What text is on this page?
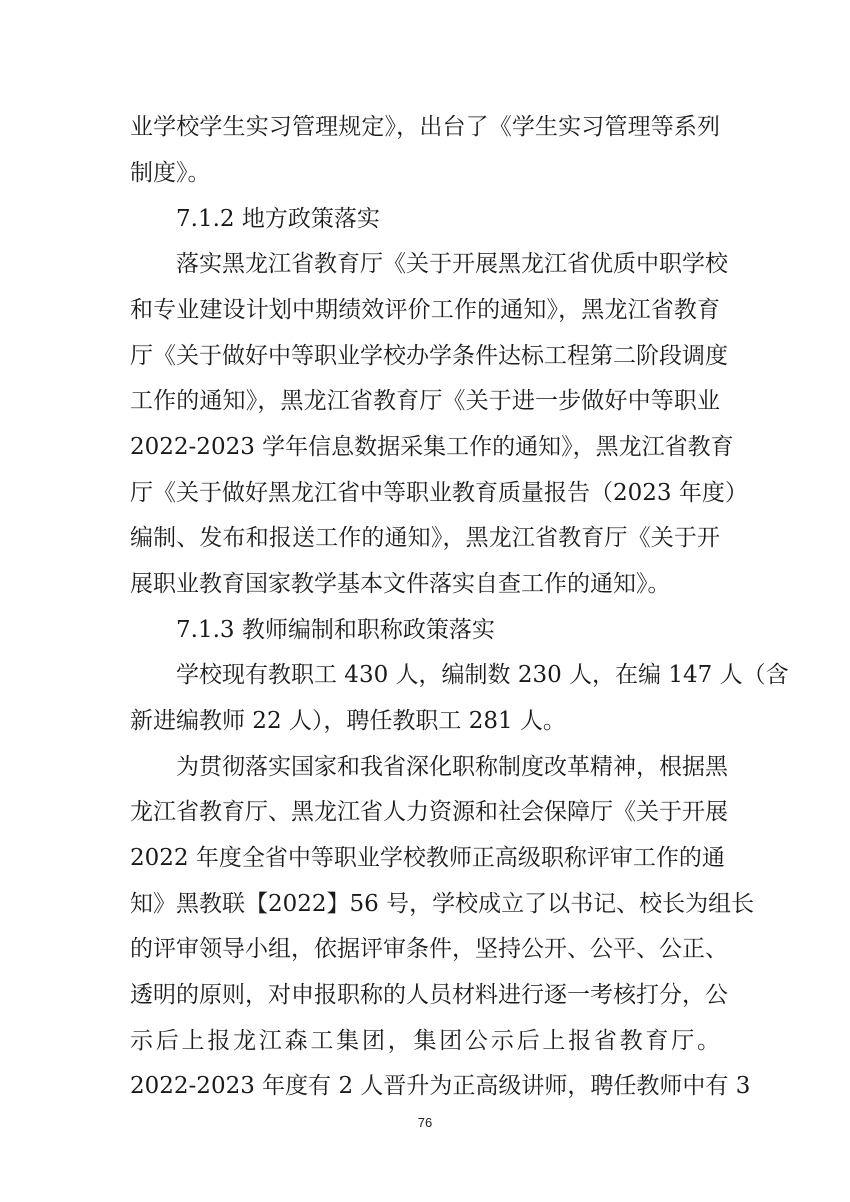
业学校学生实习管理规定》，出台了《学生实习管理等系列
制度》。
7.1.2 地方政策落实
落实黑龙江省教育厅《关于开展黑龙江省优质中职学校
和专业建设计划中期绩效评价工作的通知》，黑龙江省教育
厅《关于做好中等职业学校办学条件达标工程第二阶段调度
工作的通知》，黑龙江省教育厅《关于进一步做好中等职业
2022-2023 学年信息数据采集工作的通知》，黑龙江省教育
厅《关于做好黑龙江省中等职业教育质量报告（2023 年度）
编制、发布和报送工作的通知》，黑龙江省教育厅《关于开
展职业教育国家教学基本文件落实自查工作的通知》。
7.1.3 教师编制和职称政策落实
学校现有教职工 430 人，编制数 230 人，在编 147 人（含
新进编教师 22 人），聘任教职工 281 人。
为贯彻落实国家和我省深化职称制度改革精神，根据黑
龙江省教育厅、黑龙江省人力资源和社会保障厅《关于开展
2022 年度全省中等职业学校教师正高级职称评审工作的通
知》黑教联【2022】56 号，学校成立了以书记、校长为组长
的评审领导小组，依据评审条件，坚持公开、公平、公正、
透明的原则，对申报职称的人员材料进行逐一考核打分，公
示后上报龙江森工集团，集团公示后上报省教育厅。
2022-2023 年度有 2 人晋升为正高级讲师，聘任教师中有 3
76
